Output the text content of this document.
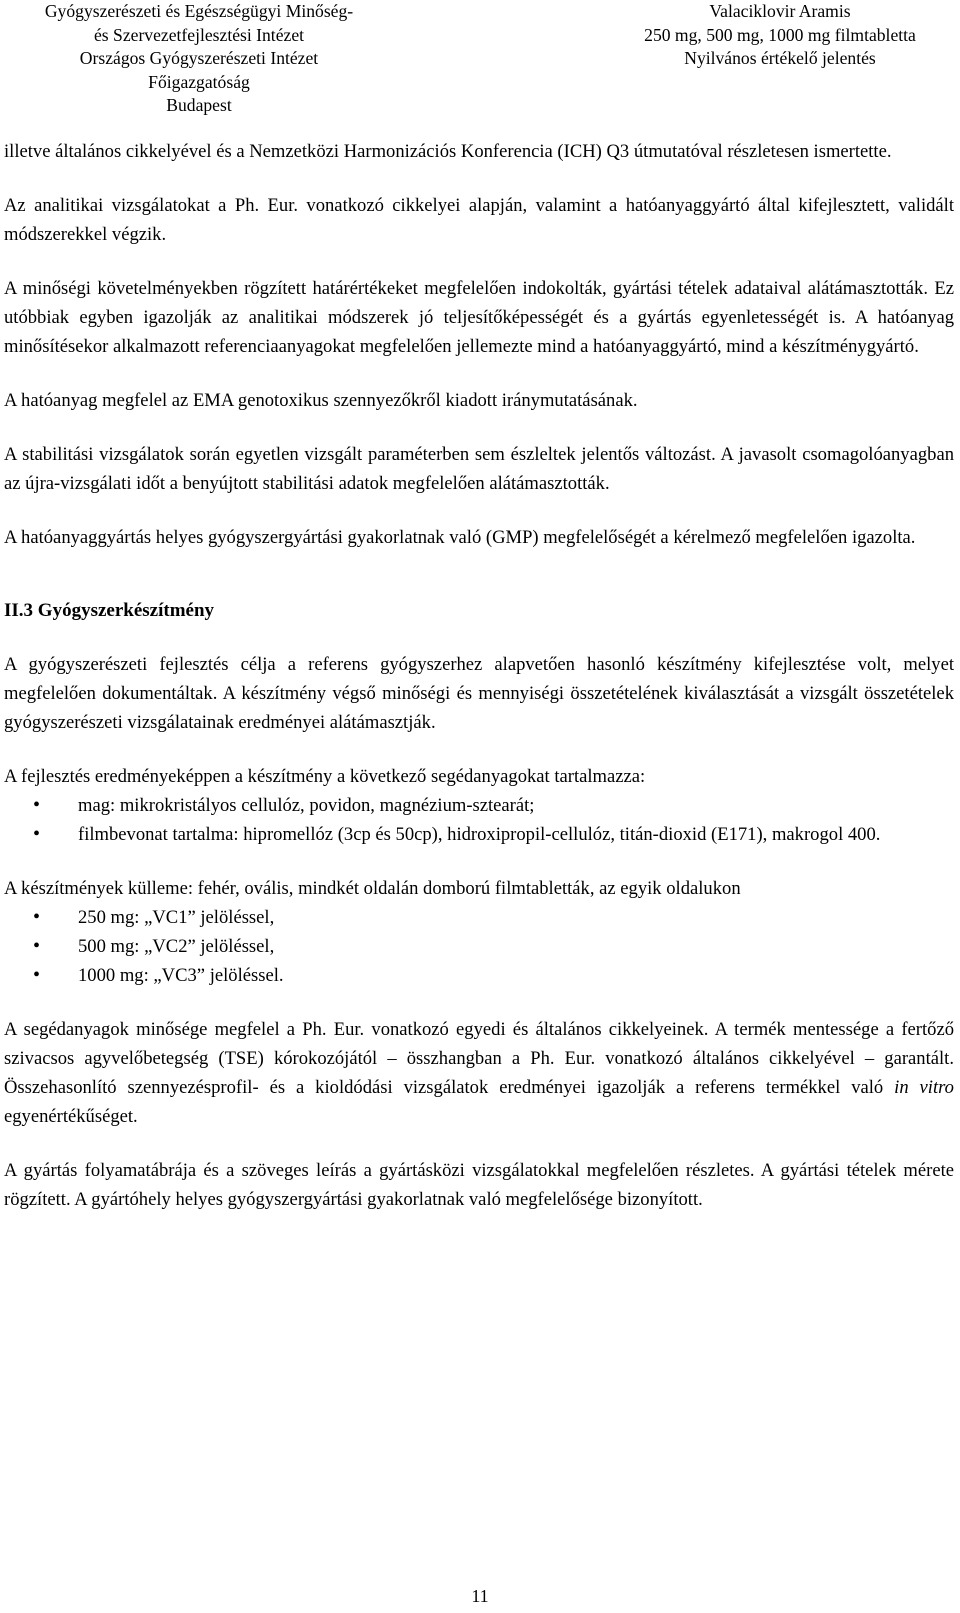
Gyógyszerészeti és Egészségügyi Minőség-
és Szervezetfejlesztési Intézet
Országos Gyógyszerészeti Intézet
Főigazgatóság
Budapest
Valaciklovir Aramis
250 mg, 500 mg, 1000 mg filmtabletta
Nyilvános értékelő jelentés

illetve általános cikkelyével és a Nemzetközi Harmonizációs Konferencia (ICH) Q3 útmutatóval részletesen ismertette.

Az analitikai vizsgálatokat a Ph. Eur. vonatkozó cikkelyei alapján, valamint a hatóanyaggyártó által kifejlesztett, validált módszerekkel végzik.

A minőségi követelményekben rögzített határértékeket megfelelően indokolták, gyártási tételek adataival alátámasztották. Ez utóbbiak egyben igazolják az analitikai módszerek jó teljesítőképességét és a gyártás egyenletességét is. A hatóanyag minősítésekor alkalmazott referenciaanyagokat megfelelően jellemezte mind a hatóanyaggyártó, mind a készítménygyártó.

A hatóanyag megfelel az EMA genotoxikus szennyezőkről kiadott iránymutatásának.

A stabilitási vizsgálatok során egyetlen vizsgált paraméterben sem észleltek jelentős változást. A javasolt csomagolóanyagban az újra-vizsgálati időt a benyújtott stabilitási adatok megfelelően alátámasztották.

A hatóanyaggyártás helyes gyógyszergyártási gyakorlatnak való (GMP) megfelelőségét a kérelmező megfelelően igazolta.

II.3 Gyógyszerkészítmény

A gyógyszerészeti fejlesztés célja a referens gyógyszerhez alapvetően hasonló készítmény kifejlesztése volt, melyet megfelelően dokumentáltak. A készítmény végső minőségi és mennyiségi összetételének kiválasztását a vizsgált összetételek gyógyszerészeti vizsgálatainak eredményei alátámasztják.

A fejlesztés eredményeképpen a készítmény a következő segédanyagokat tartalmazza:

• mag: mikrokristályos cellulóz, povidon, magnézium-sztearát;
• filmbevonat tartalma: hipromellóz (3cp és 50cp), hidroxipropil-cellulóz, titán-dioxid (E171), makrogol 400.

A készítmények külleme: fehér, ovális, mindkét oldalán domború filmtabletták, az egyik oldalukon

• 250 mg: „VC1” jelöléssel,
• 500 mg: „VC2” jelöléssel,
• 1000 mg: „VC3” jelöléssel.

A segédanyagok minősége megfelel a Ph. Eur. vonatkozó egyedi és általános cikkelyeinek. A termék mentessége a fertőző szivacsos agyvelőbetegség (TSE) kórokozójától – összhangban a Ph. Eur. vonatkozó általános cikkelyével – garantált. Összehasonlító szennyezésprofil- és a kioldódási vizsgálatok eredményei igazolják a referens termékkel való in vitro egyenértékűséget.

A gyártás folyamatábrája és a szöveges leírás a gyártásközi vizsgálatokkal megfelelően részletes. A gyártási tételek mérete rögzített. A gyártóhely helyes gyógyszergyártási gyakorlatnak való megfelelősége bizonyított.

11
